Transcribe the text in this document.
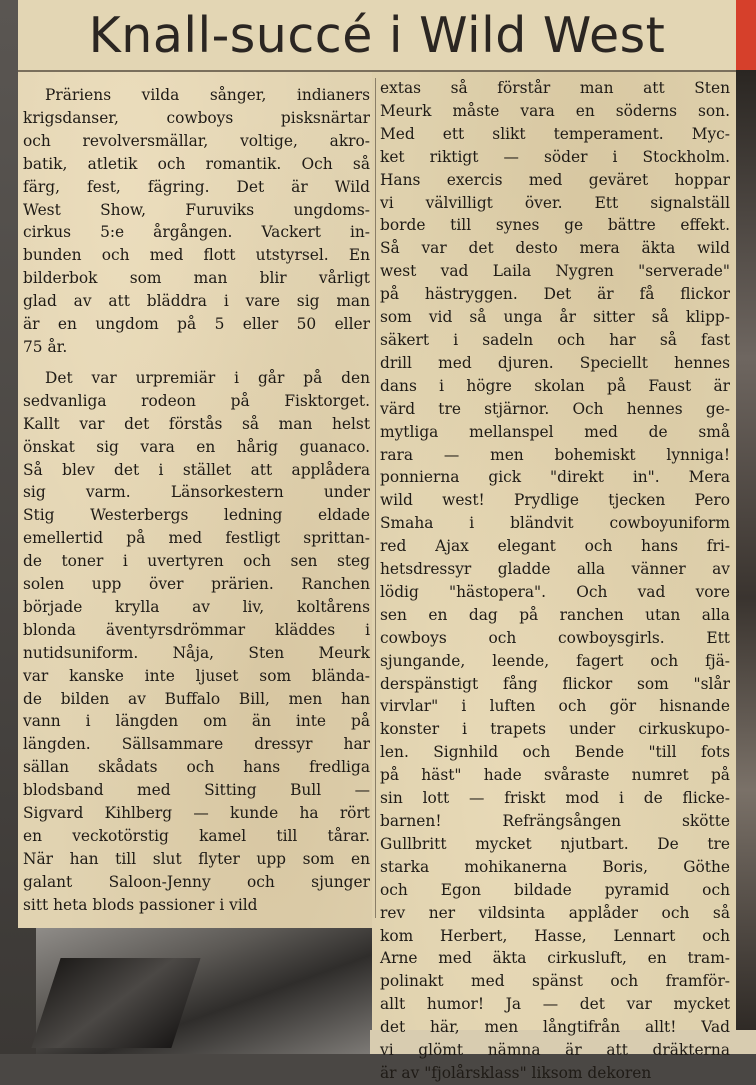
Knall-succé i Wild West
Präriens vilda sånger, indianers
krigsdanser, cowboys pisksnärtar
och revolversmällar, voltige, akro-
batik, atletik och romantik. Och så
färg, fest, fägring. Det är Wild
West Show, Furuviks ungdoms-
cirkus 5:e årgången. Vackert in-
bunden och med flott utstyrsel. En
bilderbok som man blir vårligt
glad av att bläddra i vare sig man
är en ungdom på 5 eller 50 eller
75 år.
Det var urpremiär i går på den
sedvanliga rodeon på Fisktorget.
Kallt var det förstås så man helst
önskat sig vara en hårig guanaco.
Så blev det i stället att applådera
sig varm. Länsorkestern under
Stig Westerbergs ledning eldade
emellertid på med festligt sprittan-
de toner i uvertyren och sen steg
solen upp över prärien. Ranchen
började krylla av liv, koltårens
blonda äventyrsdrömmar kläddes i
nutidsuniform. Nåja, Sten Meurk
var kanske inte ljuset som blända-
de bilden av Buffalo Bill, men han
vann i längden om än inte på
längden. Sällsammare dressyr har
sällan skådats och hans fredliga
blodsband med Sitting Bull —
Sigvard Kihlberg — kunde ha rört
en veckotörstig kamel till tårar.
När han till slut flyter upp som en
galant Saloon-Jenny och sjunger
sitt heta blods passioner i vild
extas så förstår man att Sten
Meurk måste vara en söderns son.
Med ett slikt temperament. Myc-
ket riktigt — söder i Stockholm.
Hans exercis med geväret hoppar
vi välvilligt över. Ett signalställ
borde till synes ge bättre effekt.
Så var det desto mera äkta wild
west vad Laila Nygren "serverade"
på hästryggen. Det är få flickor
som vid så unga år sitter så klipp-
säkert i sadeln och har så fast
drill med djuren. Speciellt hennes
dans i högre skolan på Faust är
värd tre stjärnor. Och hennes ge-
mytliga mellanspel med de små
rara — men bohemiskt lynniga!
ponnierna gick "direkt in". Mera
wild west! Prydlige tjecken Pero
Smaha i bländvit cowboyuniform
red Ajax elegant och hans fri-
hetsdressyr gladde alla vänner av
lödig "hästopera". Och vad vore
sen en dag på ranchen utan alla
cowboys och cowboysgirls. Ett
sjungande, leende, fagert och fjä-
derspänstigt fång flickor som "slår
virvlar" i luften och gör hisnande
konster i trapets under cirkuskupo-
len. Signhild och Bende "till fots
på häst" hade svåraste numret på
sin lott — friskt mod i de flicke-
barnen! Refrängsången skötte
Gullbritt mycket njutbart. De tre
starka mohikanerna Boris, Göthe
och Egon bildade pyramid och
rev ner vildsinta applåder och så
kom Herbert, Hasse, Lennart och
Arne med äkta cirkusluft, en tram-
polinakt med spänst och framför-
allt humor! Ja — det var mycket
det här, men långtifrån allt! Vad
vi glömt nämna är att dräkterna
är av "fjolårsklass" liksom dekoren
